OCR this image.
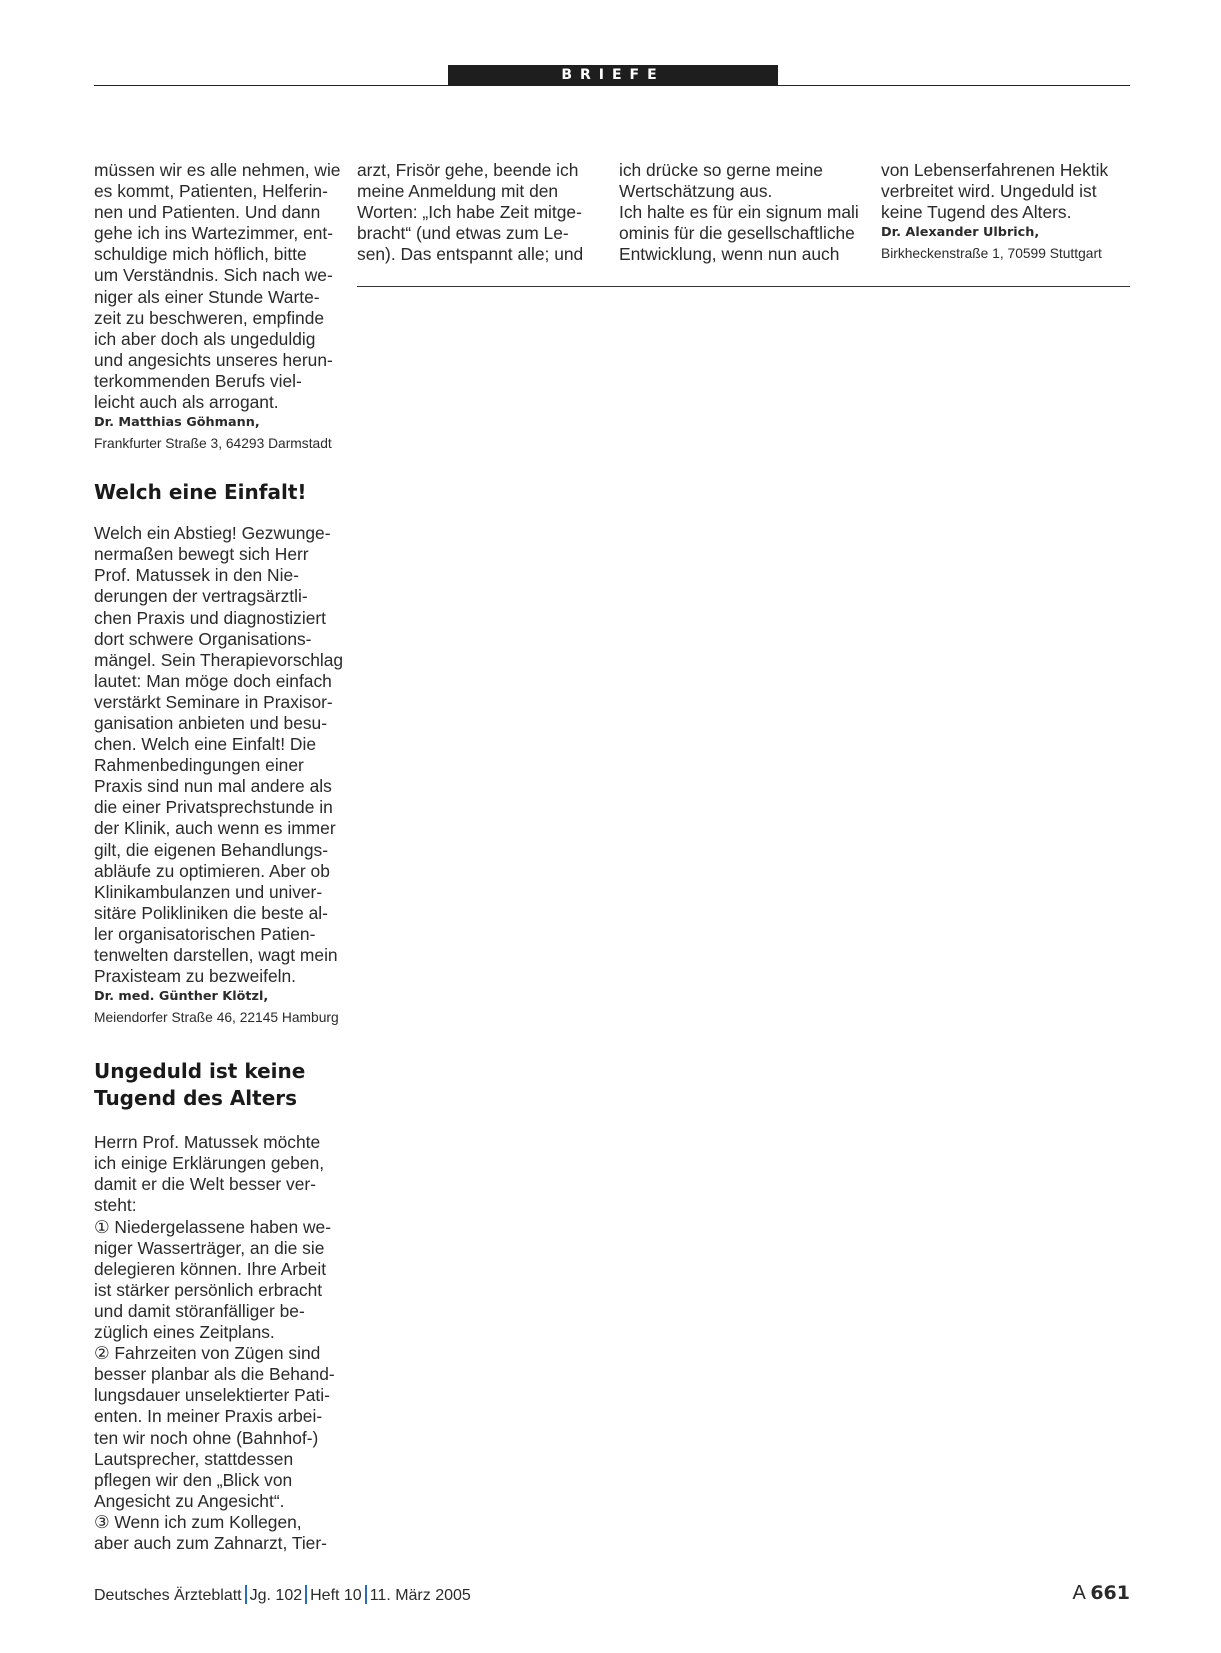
BRIEFE

müssen wir es alle nehmen, wie

es kommt, Patienten, Helferin-

nen und Patienten. Und dann

gehe ich ins Wartezimmer, ent-

schuldige mich höflich, bitte

um Verständnis. Sich nach we-

niger als einer Stunde Warte-

zeit zu beschweren, empfinde

ich aber doch als ungeduldig

und angesichts unseres herun-

terkommenden Berufs viel-

leicht auch als arrogant.

Dr. Matthias Göhmann,

Frankfurter Straße 3, 64293 Darmstadt

Welch eine Einfalt!

Welch ein Abstieg! Gezwunge-

nermaßen bewegt sich Herr

Prof. Matussek in den Nie-

derungen der vertragsärztli-

chen Praxis und diagnostiziert

dort schwere Organisations-

mängel. Sein Therapievorschlag

lautet: Man möge doch einfach

verstärkt Seminare in Praxisor-

ganisation anbieten und besu-

chen. Welch eine Einfalt! Die

Rahmenbedingungen einer

Praxis sind nun mal andere als

die einer Privatsprechstunde in

der Klinik, auch wenn es immer

gilt, die eigenen Behandlungs-

abläufe zu optimieren. Aber ob

Klinikambulanzen und univer-

sitäre Polikliniken die beste al-

ler organisatorischen Patien-

tenwelten darstellen, wagt mein

Praxisteam zu bezweifeln.

Dr. med. Günther Klötzl,

Meiendorfer Straße 46, 22145 Hamburg

Ungeduld ist keine

Tugend des Alters

Herrn Prof. Matussek möchte

ich einige Erklärungen geben,

damit er die Welt besser ver-

steht:

① Niedergelassene haben we-

niger Wasserträger, an die sie

delegieren können. Ihre Arbeit

ist stärker persönlich erbracht

und damit störanfälliger be-

züglich eines Zeitplans.

② Fahrzeiten von Zügen sind

besser planbar als die Behand-

lungsdauer unselektierter Pati-

enten. In meiner Praxis arbei-

ten wir noch ohne (Bahnhof-)

Lautsprecher, stattdessen

pflegen wir den „Blick von

Angesicht zu Angesicht“.

③ Wenn ich zum Kollegen,

aber auch zum Zahnarzt, Tier-

arzt, Frisör gehe, beende ich

meine Anmeldung mit den

Worten: „Ich habe Zeit mitge-

bracht“ (und etwas zum Le-

sen). Das entspannt alle; und

ich drücke so gerne meine

Wertschätzung aus.

Ich halte es für ein signum mali

ominis für die gesellschaftliche

Entwicklung, wenn nun auch

von Lebenserfahrenen Hektik

verbreitet wird. Ungeduld ist

keine Tugend des Alters.

Dr. Alexander Ulbrich,

Birkheckenstraße 1, 70599 Stuttgart

Deutsches Ärzteblatt Jg. 102 Heft 10 11. März 2005	A 661
